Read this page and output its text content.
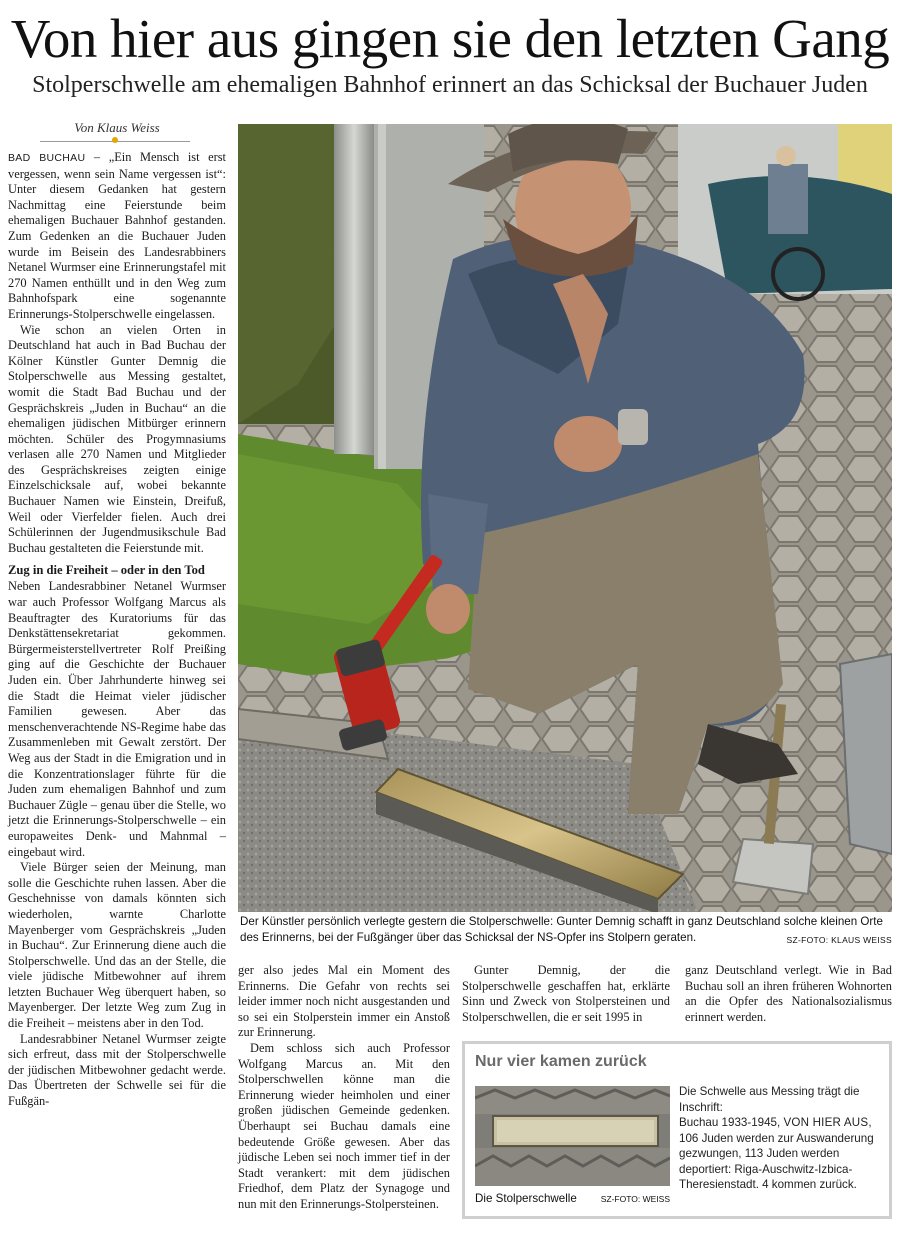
Von hier aus gingen sie den letzten Gang
Stolperschwelle am ehemaligen Bahnhof erinnert an das Schicksal der Buchauer Juden
Von Klaus Weiss

BAD BUCHAU – „Ein Mensch ist erst vergessen, wenn sein Name vergessen ist“: Unter diesem Gedanken hat gestern Nachmittag eine Feierstunde beim ehemaligen Buchauer Bahnhof gestanden. Zum Gedenken an die Buchauer Juden wurde im Beisein des Landesrabbiners Netanel Wurmser eine Erinnerungstafel mit 270 Namen enthüllt und in den Weg zum Bahnhofspark eine sogenannte Erinnerungs-Stolperschwelle eingelassen.

Wie schon an vielen Orten in Deutschland hat auch in Bad Buchau der Kölner Künstler Gunter Demnig die Stolperschwelle aus Messing gestaltet, womit die Stadt Bad Buchau und der Gesprächskreis „Juden in Buchau“ an die ehemaligen jüdischen Mitbürger erinnern möchten. Schüler des Progymnasiums verlasen alle 270 Namen und Mitglieder des Gesprächskreises zeigten einige Einzelschicksale auf, wobei bekannte Buchauer Namen wie Einstein, Dreifuß, Weil oder Vierfelder fielen. Auch drei Schülerinnen der Jugendmusikschule Bad Buchau gestalteten die Feierstunde mit.

Zug in die Freiheit – oder in den Tod

Neben Landesrabbiner Netanel Wurmser war auch Professor Wolfgang Marcus als Beauftragter des Kuratoriums für das Denkstättensekretariat gekommen. Bürgermeisterstellvertreter Rolf Preißing ging auf die Geschichte der Buchauer Juden ein. Über Jahrhunderte hinweg sei die Stadt die Heimat vieler jüdischer Familien gewesen. Aber das menschenverachtende NS-Regime habe das Zusammenleben mit Gewalt zerstört. Der Weg aus der Stadt in die Emigration und in die Konzentrationslager führte für die Juden zum ehemaligen Bahnhof und zum Buchauer Zügle – genau über die Stelle, wo jetzt die Erinnerungs-Stolperschwelle – ein europaweites Denk- und Mahnmal – eingebaut wird.

Viele Bürger seien der Meinung, man solle die Geschichte ruhen lassen. Aber die Geschehnisse von damals könnten sich wiederholen, warnte Charlotte Mayenberger vom Gesprächskreis „Juden in Buchau“. Zur Erinnerung diene auch die Stolperschwelle. Und das an der Stelle, die viele jüdische Mitbewohner auf ihrem letzten Buchauer Weg überquert haben, so Mayenberger. Der letzte Weg zum Zug in die Freiheit – meistens aber in den Tod.

Landesrabbiner Netanel Wurmser zeigte sich erfreut, dass mit der Stolperschwelle der jüdischen Mitbewohner gedacht werde. Das Übertreten der Schwelle sei für die Fußgän-

Der Künstler persönlich verlegte gestern die Stolperschwelle: Gunter Demnig schafft in ganz Deutschland solche kleinen Orte des Erinnerns, bei der Fußgänger über das Schicksal der NS-Opfer ins Stolpern geraten.	SZ-FOTO: KLAUS WEISS

ger also jedes Mal ein Moment des Erinnerns. Die Gefahr von rechts sei leider immer noch nicht ausgestanden und so sei ein Stolperstein immer ein Anstoß zur Erinnerung.

Dem schloss sich auch Professor Wolfgang Marcus an. Mit den Stolperschwellen könne man die Erinnerung wieder heimholen und einer großen jüdischen Gemeinde gedenken. Überhaupt sei Buchau damals eine bedeutende Größe gewesen. Aber das jüdische Leben sei noch immer tief in der Stadt verankert: mit dem jüdischen Friedhof, dem Platz der Synagoge und nun mit den Erinnerungs-Stolpersteinen.

Gunter Demnig, der die Stolperschwelle geschaffen hat, erklärte Sinn und Zweck von Stolpersteinen und Stolperschwellen, die er seit 1995 in

ganz Deutschland verlegt. Wie in Bad Buchau soll an ihren früheren Wohnorten an die Opfer des Nationalsozialismus erinnert werden.

Nur vier kamen zurück
Die Stolperschwelle	SZ-FOTO: WEISS
Die Schwelle aus Messing trägt die Inschrift:
Buchau 1933-1945, VON HIER AUS, 106 Juden werden zur Auswanderung gezwungen, 113 Juden werden deportiert: Riga-Auschwitz-Izbica-Theresienstadt. 4 kommen zurück.
